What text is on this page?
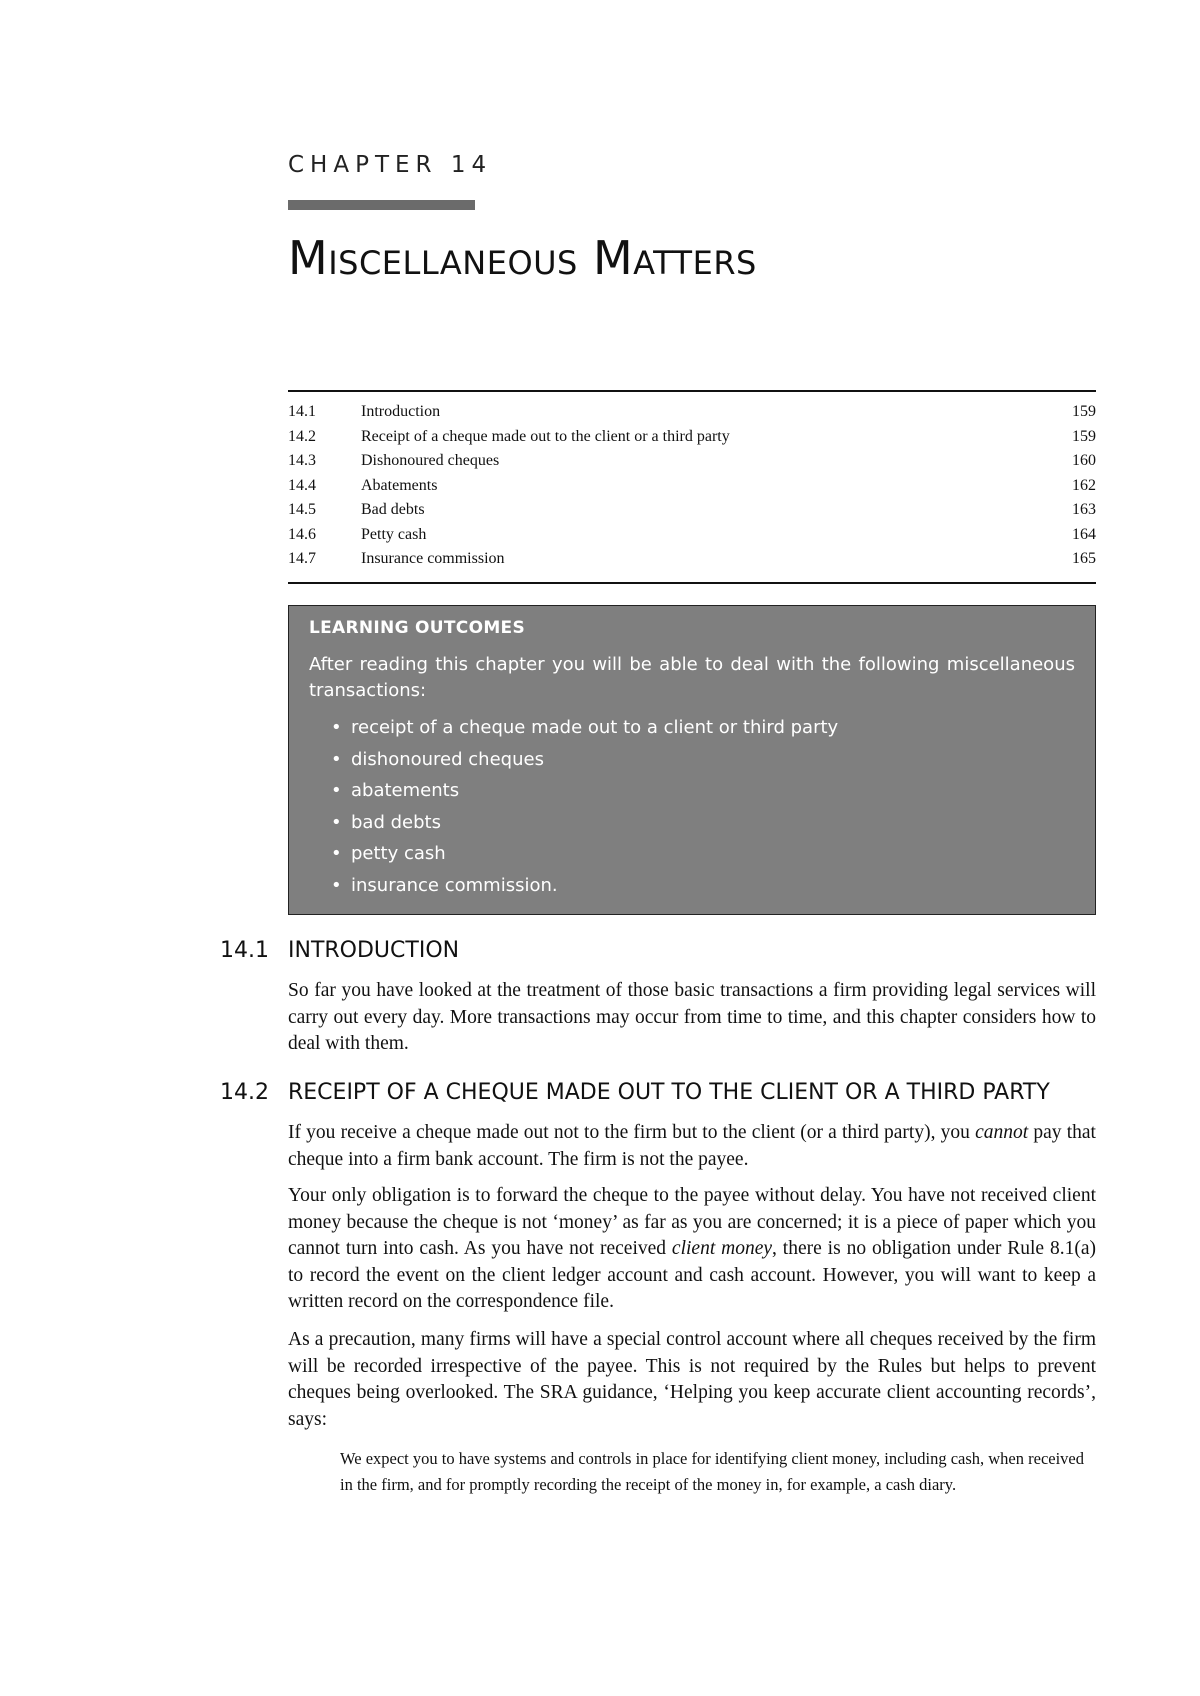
CHAPTER 14
Miscellaneous Matters
14.1	Introduction	159
14.2	Receipt of a cheque made out to the client or a third party	159
14.3	Dishonoured cheques	160
14.4	Abatements	162
14.5	Bad debts	163
14.6	Petty cash	164
14.7	Insurance commission	165
LEARNING OUTCOMES
After reading this chapter you will be able to deal with the following miscellaneous transactions:
• receipt of a cheque made out to a client or third party
• dishonoured cheques
• abatements
• bad debts
• petty cash
• insurance commission.
14.1 INTRODUCTION
So far you have looked at the treatment of those basic transactions a firm providing legal services will carry out every day. More transactions may occur from time to time, and this chapter considers how to deal with them.
14.2 RECEIPT OF A CHEQUE MADE OUT TO THE CLIENT OR A THIRD PARTY
If you receive a cheque made out not to the firm but to the client (or a third party), you cannot pay that cheque into a firm bank account. The firm is not the payee.
Your only obligation is to forward the cheque to the payee without delay. You have not received client money because the cheque is not ‘money’ as far as you are concerned; it is a piece of paper which you cannot turn into cash. As you have not received client money, there is no obligation under Rule 8.1(a) to record the event on the client ledger account and cash account. However, you will want to keep a written record on the correspondence file.
As a precaution, many firms will have a special control account where all cheques received by the firm will be recorded irrespective of the payee. This is not required by the Rules but helps to prevent cheques being overlooked. The SRA guidance, ‘Helping you keep accurate client accounting records’, says:
We expect you to have systems and controls in place for identifying client money, including cash, when received in the firm, and for promptly recording the receipt of the money in, for example, a cash diary.
